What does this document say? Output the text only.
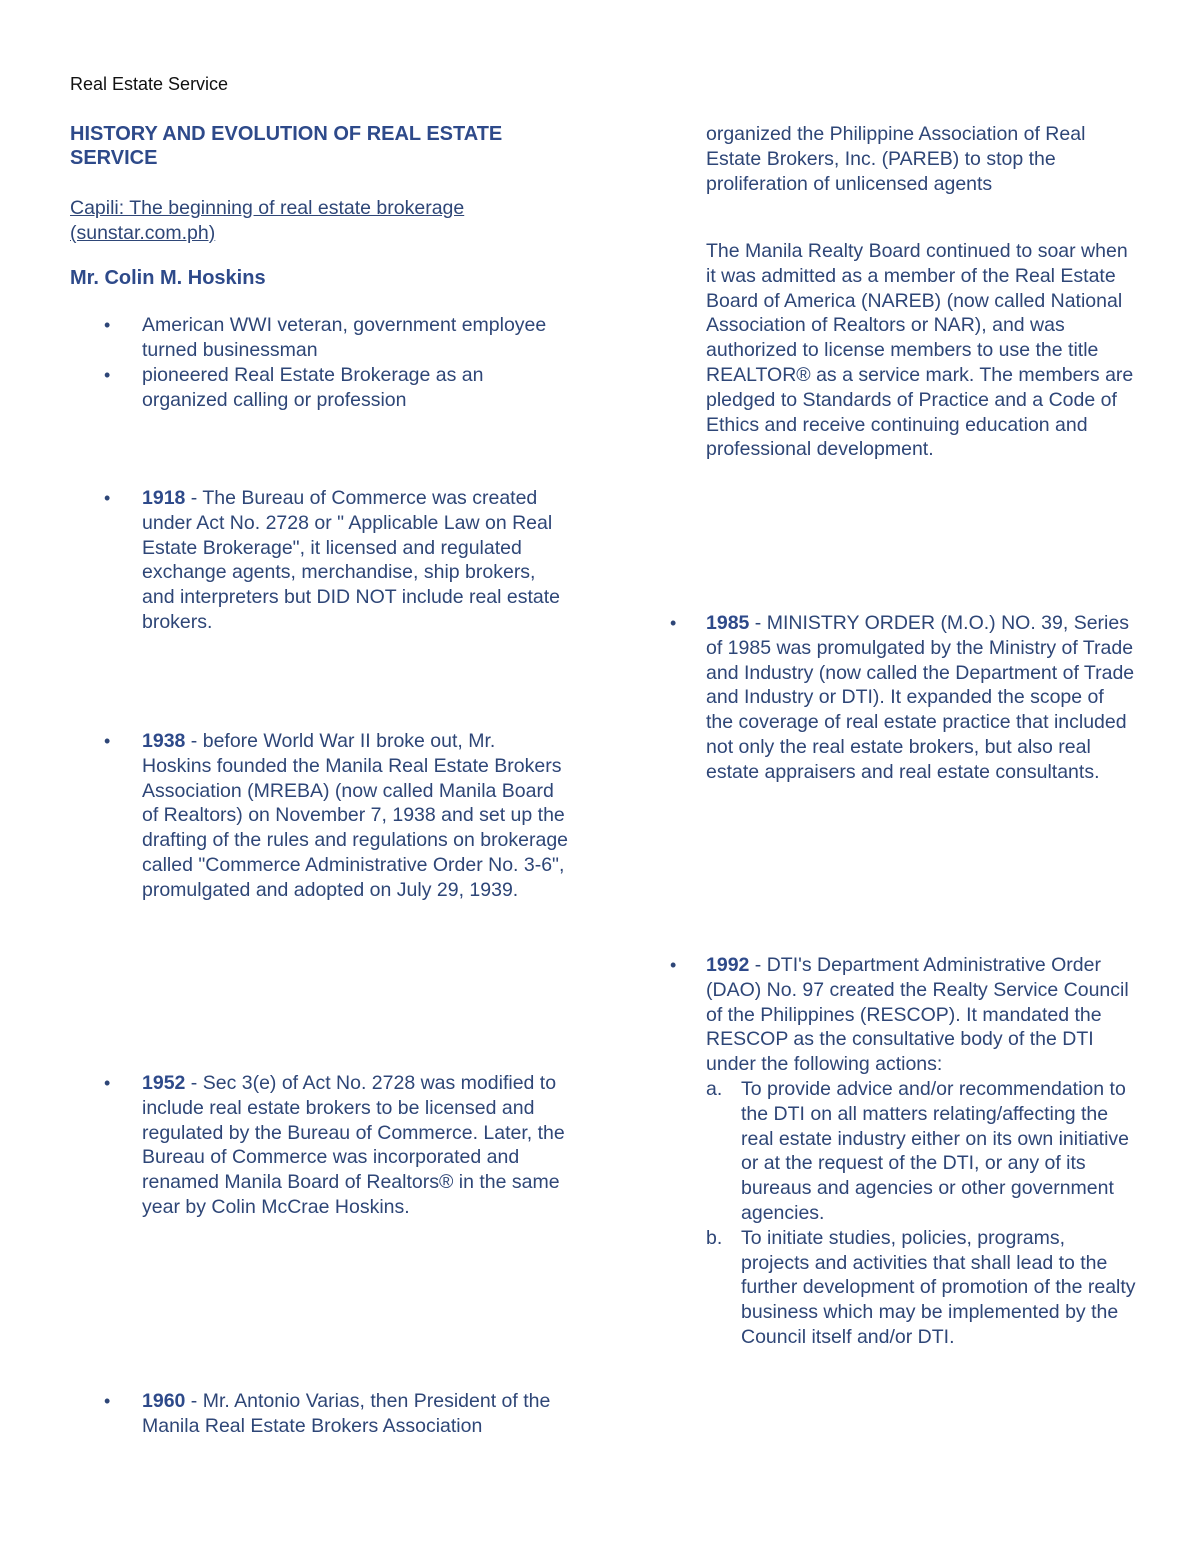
Real Estate Service
HISTORY AND EVOLUTION OF REAL ESTATE
SERVICE
Capili: The beginning of real estate brokerage
(sunstar.com.ph)
Mr. Colin M. Hoskins
•	American WWI veteran, government employee turned businessman
•	pioneered Real Estate Brokerage as an organized calling or profession
•	1918 - The Bureau of Commerce was created under Act No. 2728 or " Applicable Law on Real Estate Brokerage", it licensed and regulated exchange agents, merchandise, ship brokers, and interpreters but DID NOT include real estate brokers.
•	1938 - before World War II broke out, Mr. Hoskins founded the Manila Real Estate Brokers Association (MREBA) (now called Manila Board of Realtors) on November 7, 1938 and set up the drafting of the rules and regulations on brokerage called "Commerce Administrative Order No. 3-6", promulgated and adopted on July 29, 1939.
•	1952 - Sec 3(e) of Act No. 2728 was modified to include real estate brokers to be licensed and regulated by the Bureau of Commerce. Later, the Bureau of Commerce was incorporated and renamed Manila Board of Realtors® in the same year by Colin McCrae Hoskins.
•	1960 - Mr. Antonio Varias, then President of the Manila Real Estate Brokers Association
organized the Philippine Association of Real Estate Brokers, Inc. (PAREB) to stop the proliferation of unlicensed agents
The Manila Realty Board continued to soar when it was admitted as a member of the Real Estate Board of America (NAREB) (now called National Association of Realtors or NAR), and was authorized to license members to use the title REALTOR® as a service mark. The members are pledged to Standards of Practice and a Code of Ethics and receive continuing education and professional development.
• 1985 - MINISTRY ORDER (M.O.) NO. 39, Series of 1985 was promulgated by the Ministry of Trade and Industry (now called the Department of Trade and Industry or DTI). It expanded the scope of the coverage of real estate practice that included not only the real estate brokers, but also real estate appraisers and real estate consultants.
• 1992 - DTI's Department Administrative Order (DAO) No. 97 created the Realty Service Council of the Philippines (RESCOP). It mandated the RESCOP as the consultative body of the DTI under the following actions:
a. To provide advice and/or recommendation to the DTI on all matters relating/affecting the real estate industry either on its own initiative or at the request of the DTI, or any of its bureaus and agencies or other government agencies.
b. To initiate studies, policies, programs, projects and activities that shall lead to the further development of promotion of the realty business which may be implemented by the Council itself and/or DTI.
